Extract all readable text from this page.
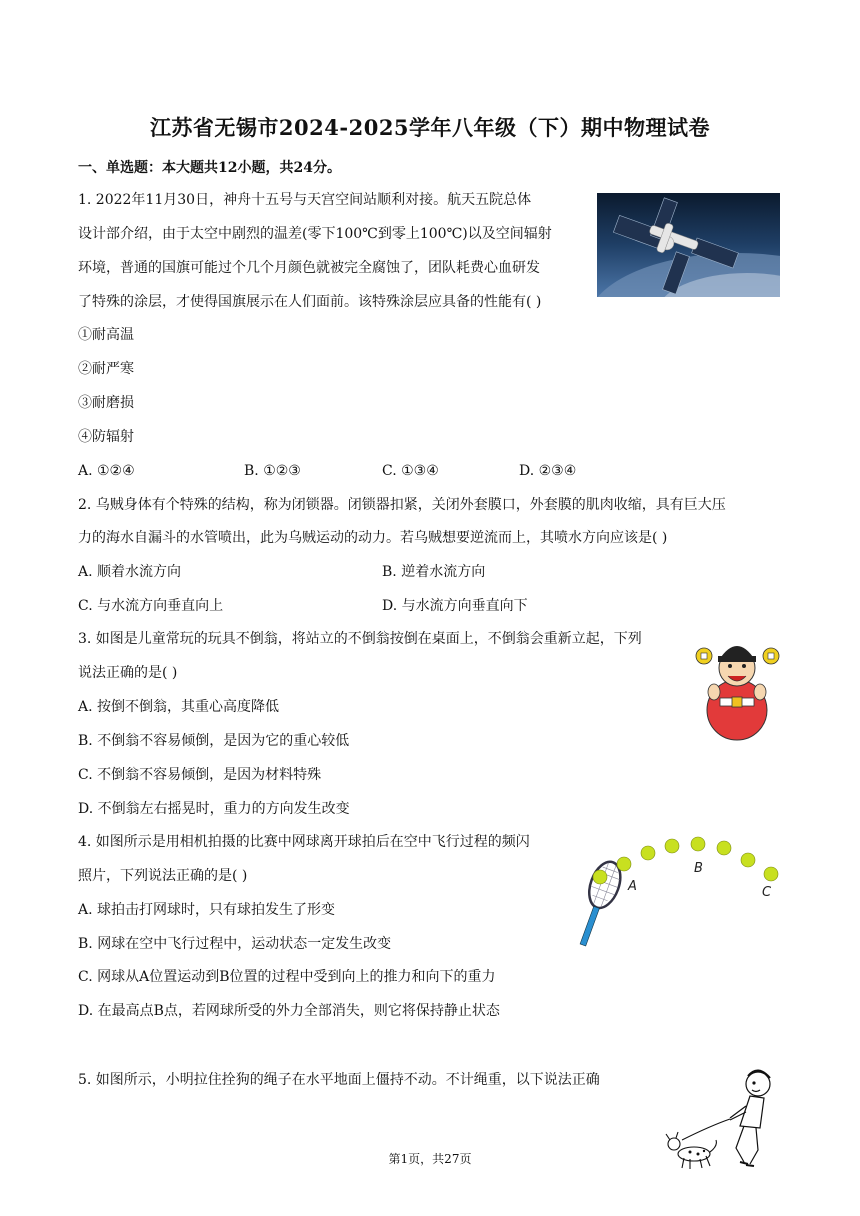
江苏省无锡市2024-2025学年八年级（下）期中物理试卷
一、单选题：本大题共12小题，共24分。
1. 2022年11月30日，神舟十五号与天宫空间站顺利对接。航天五院总体
设计部介绍，由于太空中剧烈的温差(零下100℃到零上100℃)以及空间辐射
环境，普通的国旗可能过个几个月颜色就被完全腐蚀了，团队耗费心血研发
了特殊的涂层，才使得国旗展示在人们面前。该特殊涂层应具备的性能有( )
①耐高温
②耐严寒
③耐磨损
④防辐射
A. ①②④	B. ①②③	C. ①③④	D. ②③④
2. 乌贼身体有个特殊的结构，称为闭锁器。闭锁器扣紧，关闭外套膜口，外套膜的肌肉收缩，具有巨大压
力的海水自漏斗的水管喷出，此为乌贼运动的动力。若乌贼想要逆流而上，其喷水方向应该是( )
A. 顺着水流方向	B. 逆着水流方向
C. 与水流方向垂直向上	D. 与水流方向垂直向下
3. 如图是儿童常玩的玩具不倒翁，将站立的不倒翁按倒在桌面上，不倒翁会重新立起，下列
说法正确的是( )
A. 按倒不倒翁，其重心高度降低
B. 不倒翁不容易倾倒，是因为它的重心较低
C. 不倒翁不容易倾倒，是因为材料特殊
D. 不倒翁左右摇晃时，重力的方向发生改变
4. 如图所示是用相机拍摄的比赛中网球离开球拍后在空中飞行过程的频闪
照片，下列说法正确的是( )
A. 球拍击打网球时，只有球拍发生了形变
B. 网球在空中飞行过程中，运动状态一定发生改变
C. 网球从A位置运动到B位置的过程中受到向上的推力和向下的重力
D. 在最高点B点，若网球所受的外力全部消失，则它将保持静止状态
A
B
C
5. 如图所示，小明拉住拴狗的绳子在水平地面上僵持不动。不计绳重，以下说法正确
第1页，共27页
